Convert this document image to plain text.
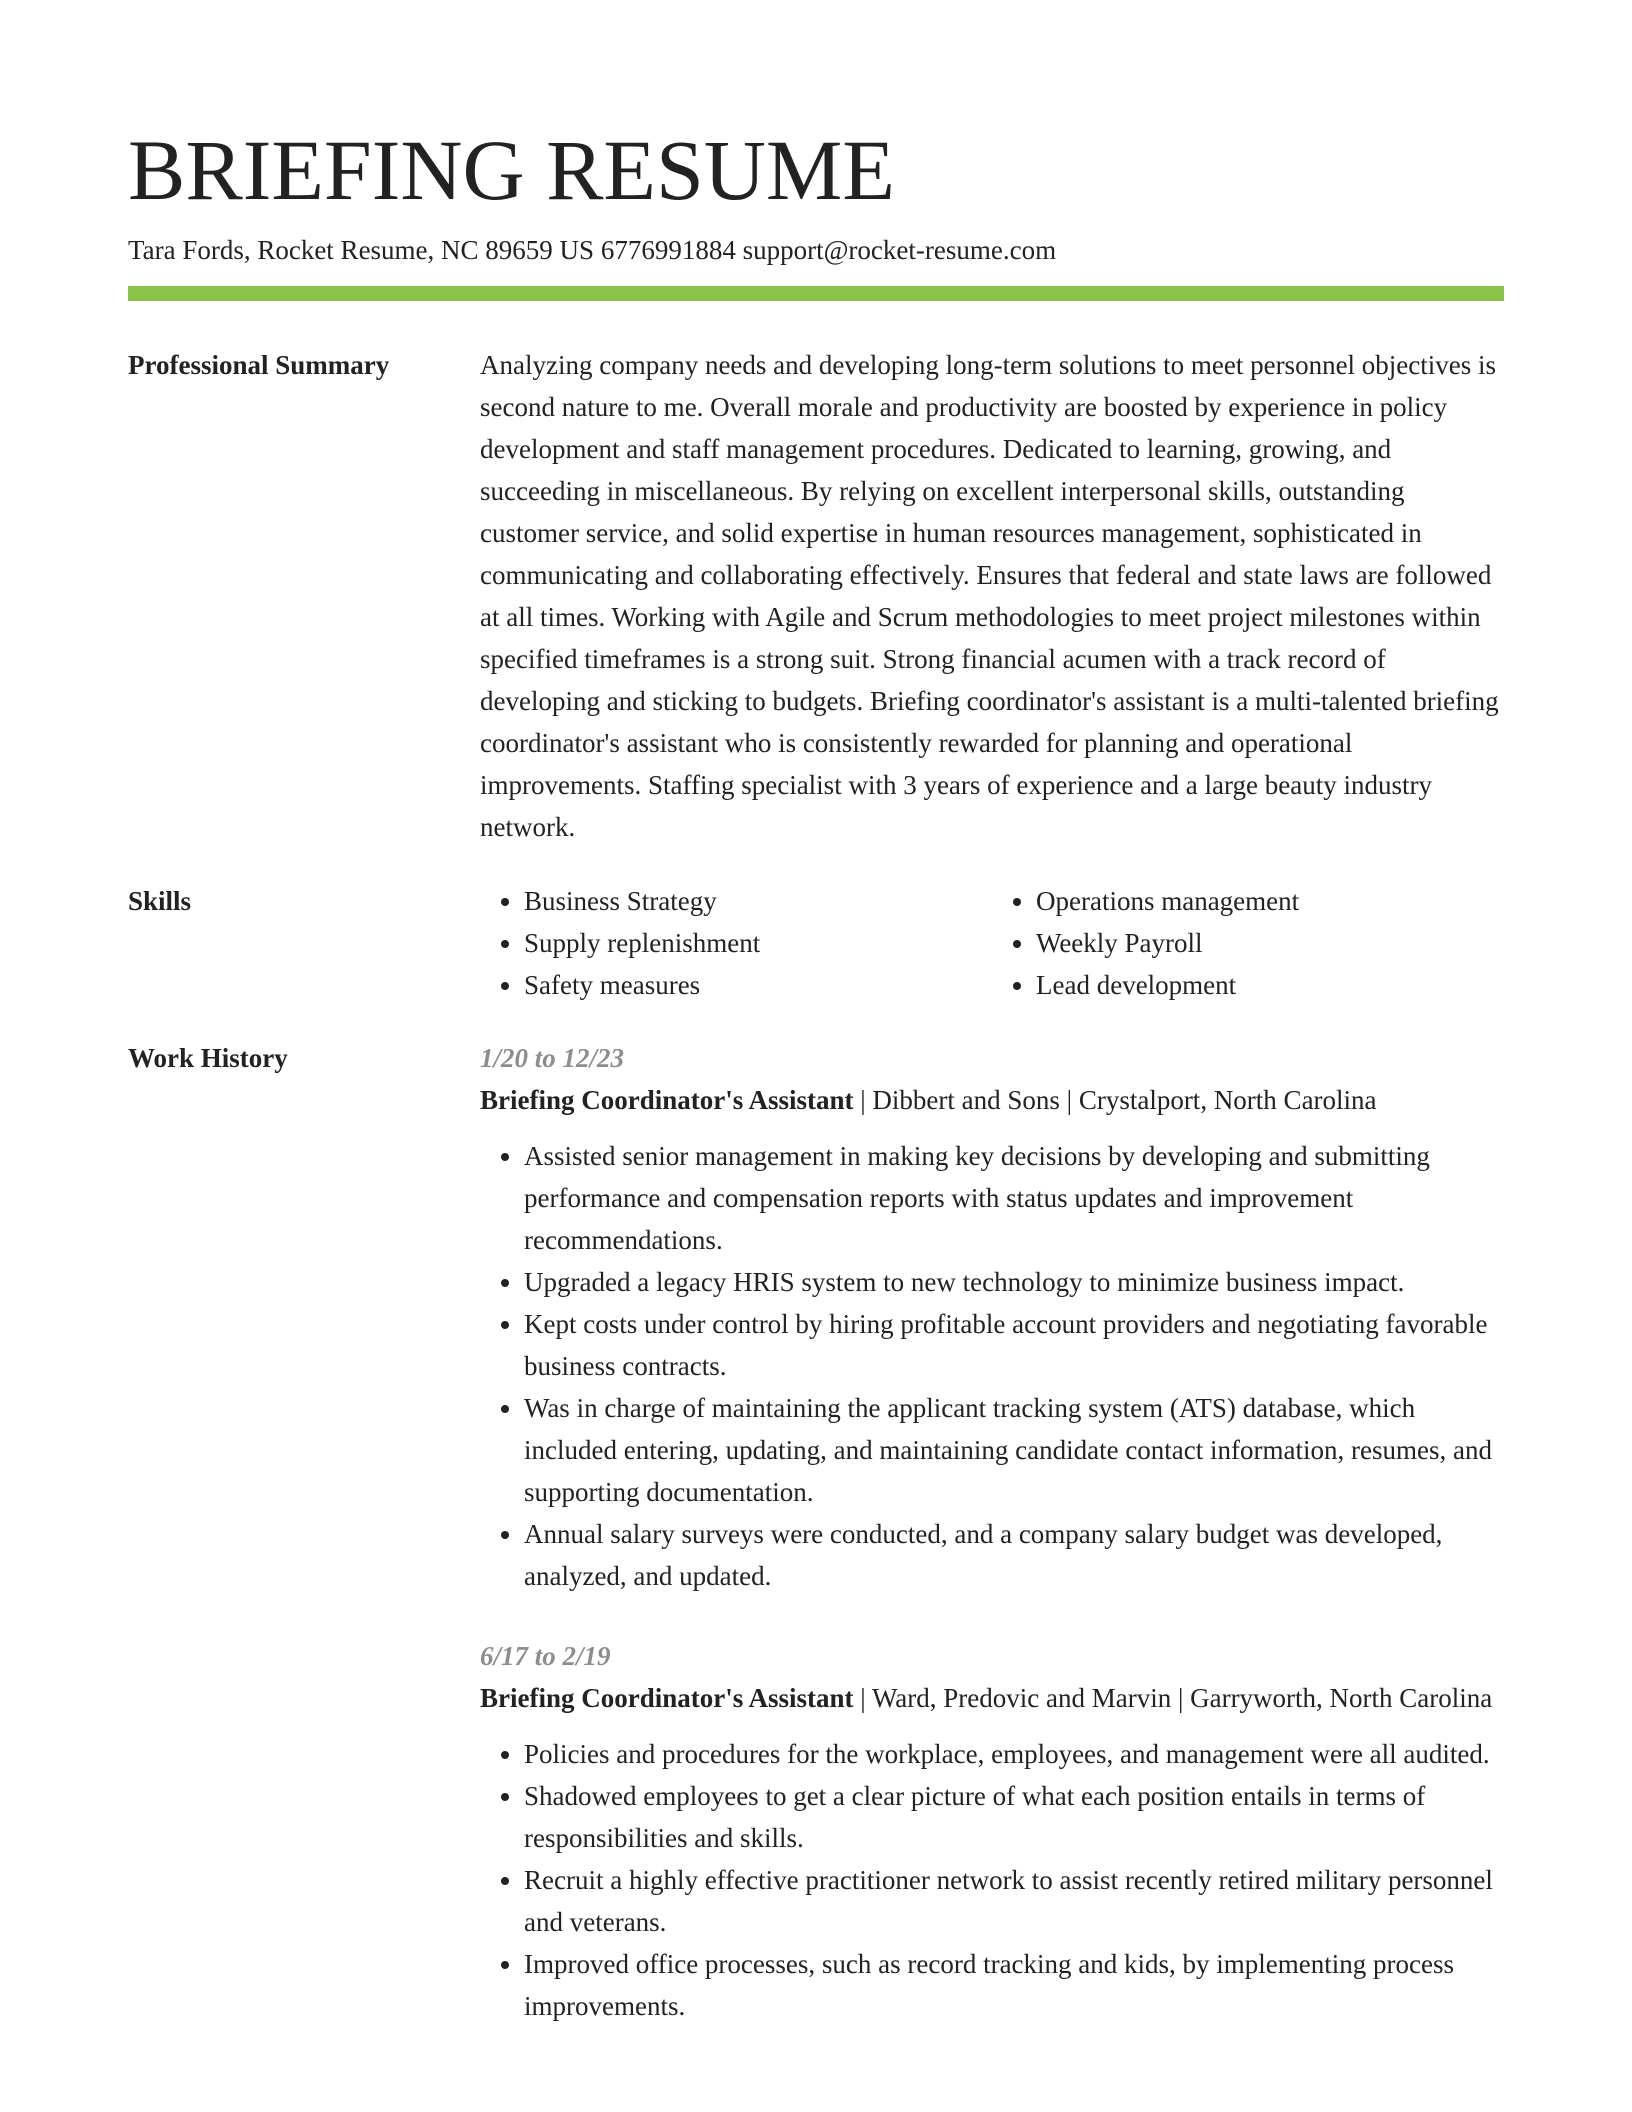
BRIEFING RESUME
Tara Fords, Rocket Resume, NC 89659 US 6776991884 support@rocket-resume.com
Professional Summary	Analyzing company needs and developing long-term solutions to meet personnel objectives is second nature to me. Overall morale and productivity are boosted by experience in policy development and staff management procedures. Dedicated to learning, growing, and succeeding in miscellaneous. By relying on excellent interpersonal skills, outstanding customer service, and solid expertise in human resources management, sophisticated in communicating and collaborating effectively. Ensures that federal and state laws are followed at all times. Working with Agile and Scrum methodologies to meet project milestones within specified timeframes is a strong suit. Strong financial acumen with a track record of developing and sticking to budgets. Briefing coordinator's assistant is a multi-talented briefing coordinator's assistant who is consistently rewarded for planning and operational improvements. Staffing specialist with 3 years of experience and a large beauty industry network.

Skills
•	Business Strategy
• Supply replenishment
• Safety measures
• Operations management
• Weekly Payroll
• Lead development
Work History	1/20 to 12/23
Briefing Coordinator's Assistant | Dibbert and Sons | Crystalport, North Carolina
• Assisted senior management in making key decisions by developing and submitting performance and compensation reports with status updates and improvement recommendations.
• Upgraded a legacy HRIS system to new technology to minimize business impact.
• Kept costs under control by hiring profitable account providers and negotiating favorable business contracts.
• Was in charge of maintaining the applicant tracking system (ATS) database, which included entering, updating, and maintaining candidate contact information, resumes, and supporting documentation.
• Annual salary surveys were conducted, and a company salary budget was developed, analyzed, and updated.
6/17 to 2/19
Briefing Coordinator's Assistant | Ward, Predovic and Marvin | Garryworth, North Carolina
• Policies and procedures for the workplace, employees, and management were all audited.
• Shadowed employees to get a clear picture of what each position entails in terms of responsibilities and skills.
• Recruit a highly effective practitioner network to assist recently retired military personnel and veterans.
• Improved office processes, such as record tracking and kids, by implementing process improvements.
